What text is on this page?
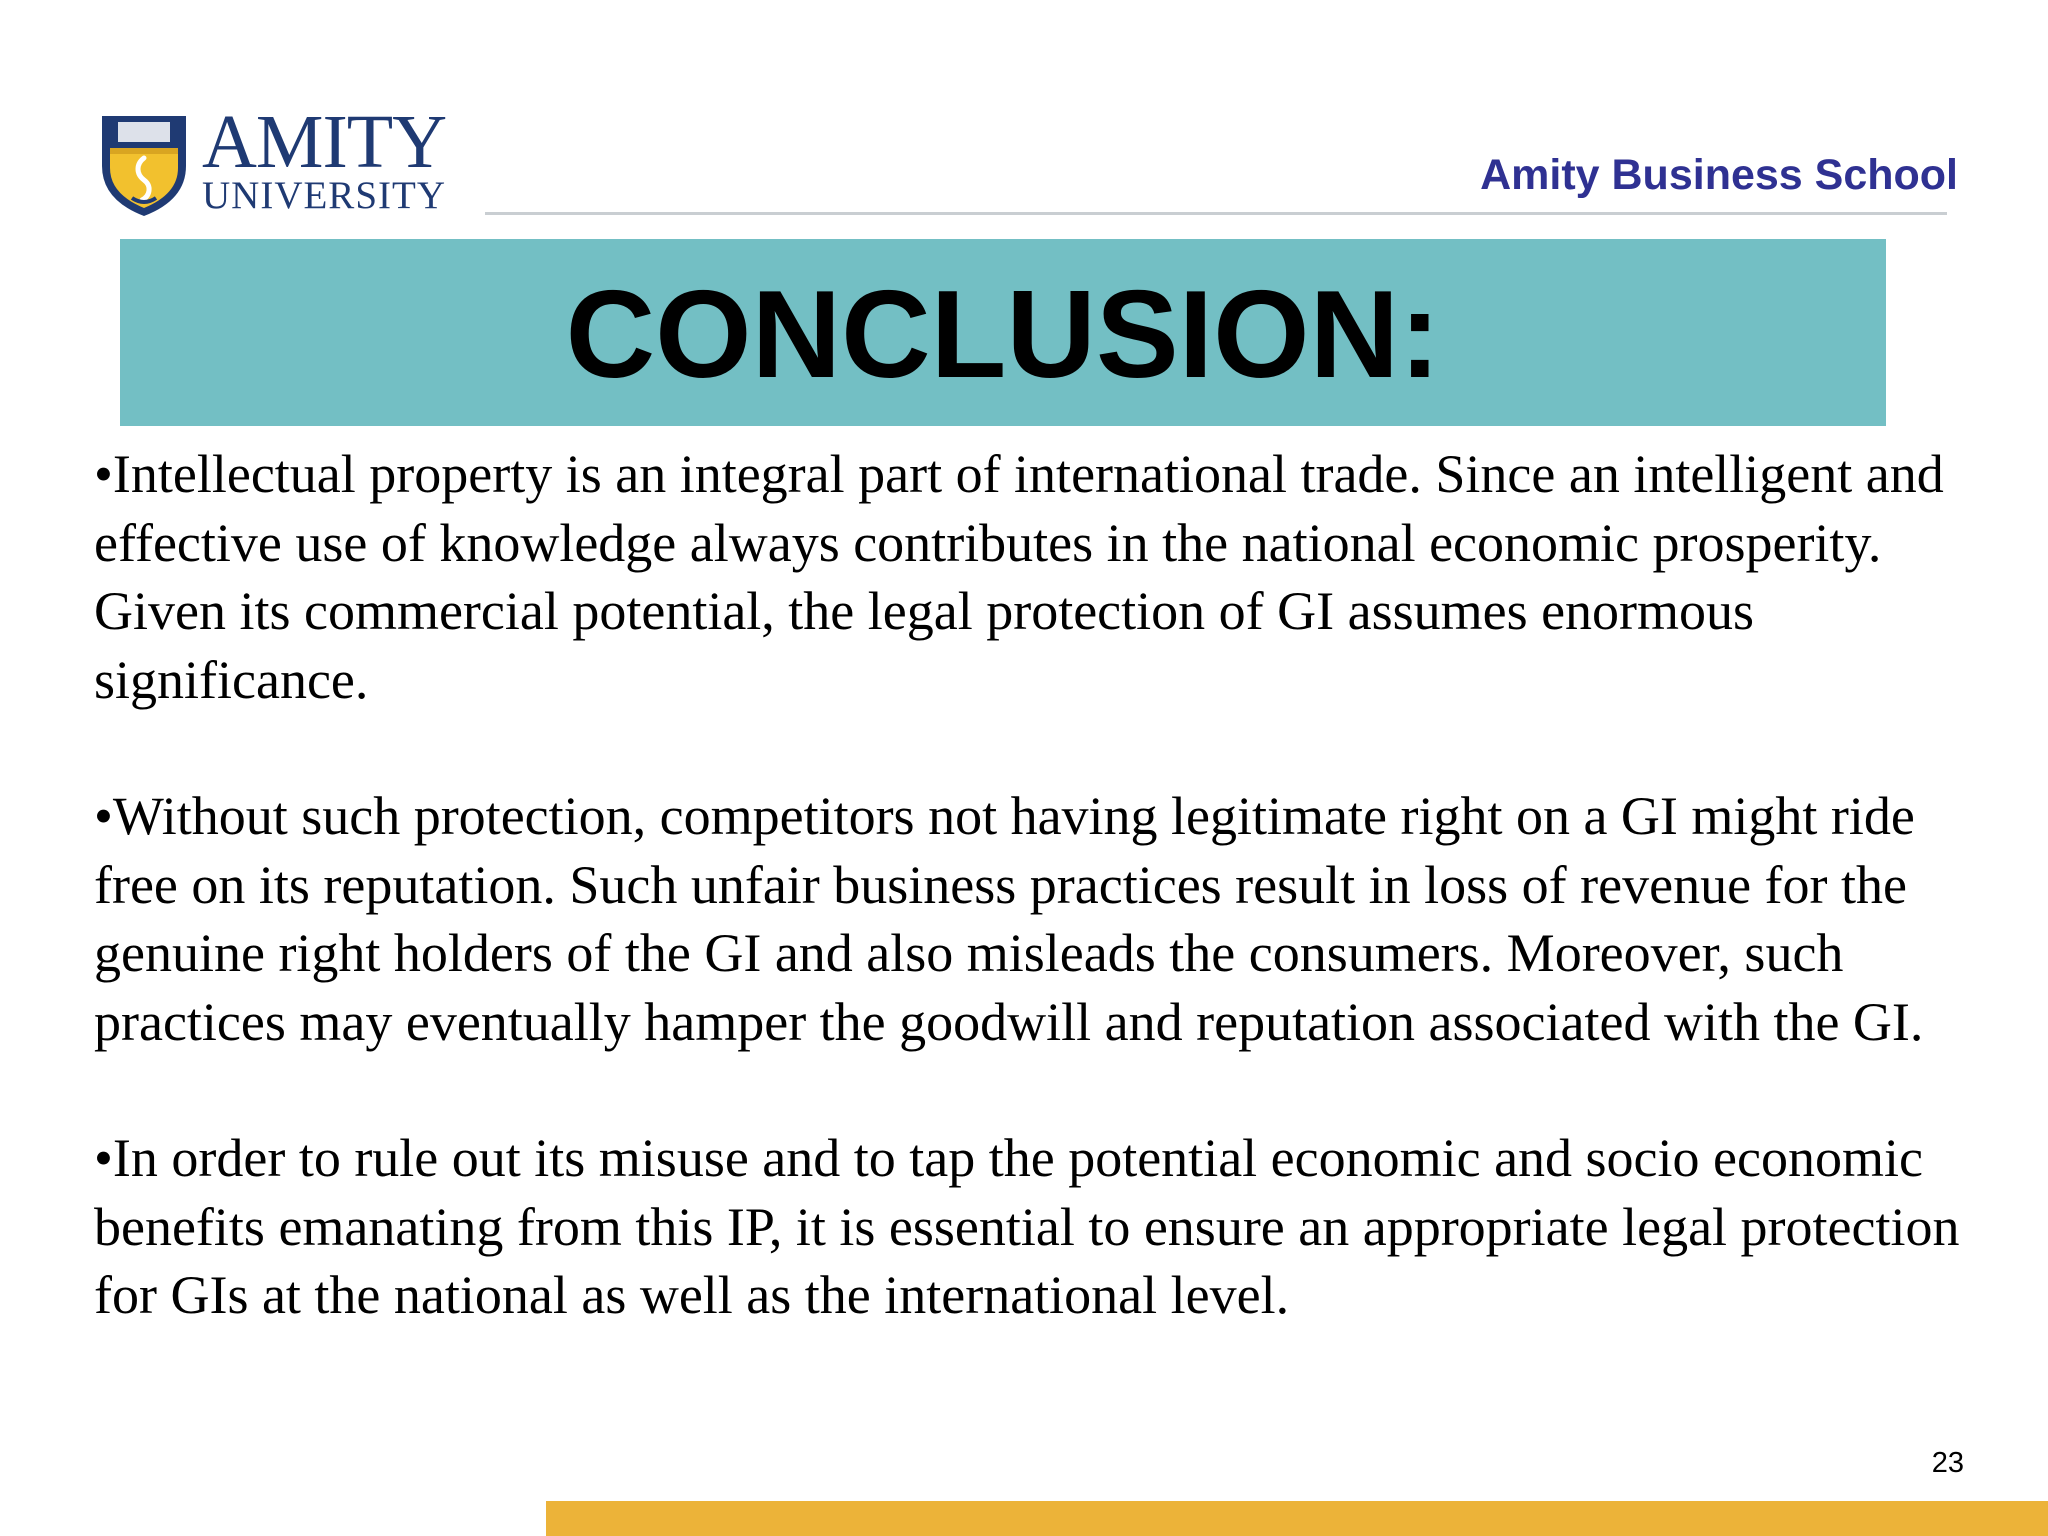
AMITY
UNIVERSITY	Amity Business School
CONCLUSION:

•Intellectual property is an integral part of international trade. Since an intelligent and effective use of knowledge always contributes in the national economic prosperity. Given its commercial potential, the legal protection of GI assumes enormous significance.

•Without such protection, competitors not having legitimate right on a GI might ride free on its reputation. Such unfair business practices result in loss of revenue for the genuine right holders of the GI and also misleads the consumers. Moreover, such practices may eventually hamper the goodwill and reputation associated with the GI.

•In order to rule out its misuse and to tap the potential economic and socio economic benefits emanating from this IP, it is essential to ensure an appropriate legal protection for GIs at the national as well as the international level.

23
